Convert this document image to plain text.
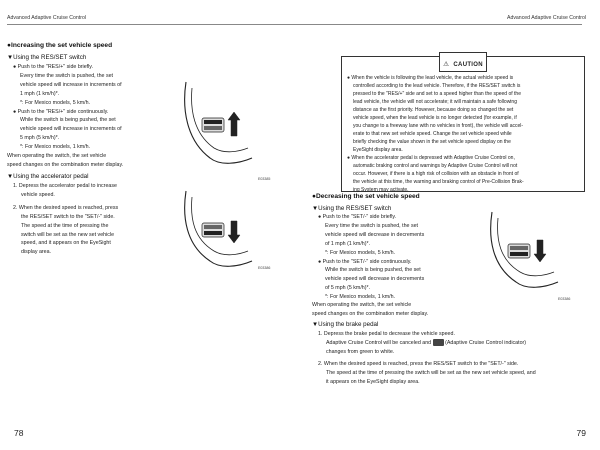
Advanced Adaptive Cruise Control	Advanced Adaptive Cruise Control
●Increasing the set vehicle speed
▼Using the RES/SET switch

● Push to the "RES/+" side briefly.

Every time the switch is pushed, the set

vehicle speed will increase in increments of

1 mph (1 km/h)*.

*: For Mexico models, 5 km/h.

● Push to the "RES/+" side continuously.

While the switch is being pushed, the set

vehicle speed will increase in increments of

5 mph (5 km/h)*.

*: For Mexico models, 1 km/h.

When operating the switch, the set vehicle

speed changes on the combination meter display.

E03385
▼Using the accelerator pedal

1. Depress the accelerator pedal to increase

vehicle speed.

2. When the desired speed is reached, press

the RES/SET switch to the "SET/-" side.

The speed at the time of pressing the

switch will be set as the new set vehicle

speed, and it appears on the EyeSight

display area.

E03386
78
⚠ CAUTION

● When the vehicle is following the lead vehicle, the actual vehicle speed is

controlled according to the lead vehicle. Therefore, if the RES/SET switch is

pressed to the "RES/+" side and set to a speed higher than the speed of the

lead vehicle, the vehicle will not accelerate; it will maintain a safe following

distance as the first priority. However, because doing so changed the set

vehicle speed, when the lead vehicle is no longer detected (for example, if

you change to a freeway lane with no vehicles in front), the vehicle will accel-

erate to that new set vehicle speed. Change the set vehicle speed while

briefly checking the value shown in the set vehicle speed display on the

EyeSight display area.

● When the accelerator pedal is depressed with Adaptive Cruise Control on,

automatic braking control and warnings by Adaptive Cruise Control will not

occur. However, if there is a high risk of collision with an obstacle in front of

the vehicle at this time, the warning and braking control of Pre-Collision Brak-

ing System may activate.

●Decreasing the set vehicle speed
▼Using the RES/SET switch

● Push to the "SET/-" side briefly.

Every time the switch is pushed, the set

vehicle speed will decrease in decrements

of 1 mph (1 km/h)*.

*: For Mexico models, 5 km/h.

● Push to the "SET/-" side continuously.

While the switch is being pushed, the set

vehicle speed will decrease in decrements

of 5 mph (5 km/h)*.

*: For Mexico models, 1 km/h.

When operating the switch, the set vehicle

speed changes on the combination meter display.

E03386
▼Using the brake pedal

1. Depress the brake pedal to decrease the vehicle speed.

Adaptive Cruise Control will be canceled and	(Adaptive Cruise Control indicator)

changes from green to white.

2. When the desired speed is reached, press the RES/SET switch to the "SET/-" side.

The speed at the time of pressing the switch will be set as the new set vehicle speed, and

it appears on the EyeSight display area.

79
